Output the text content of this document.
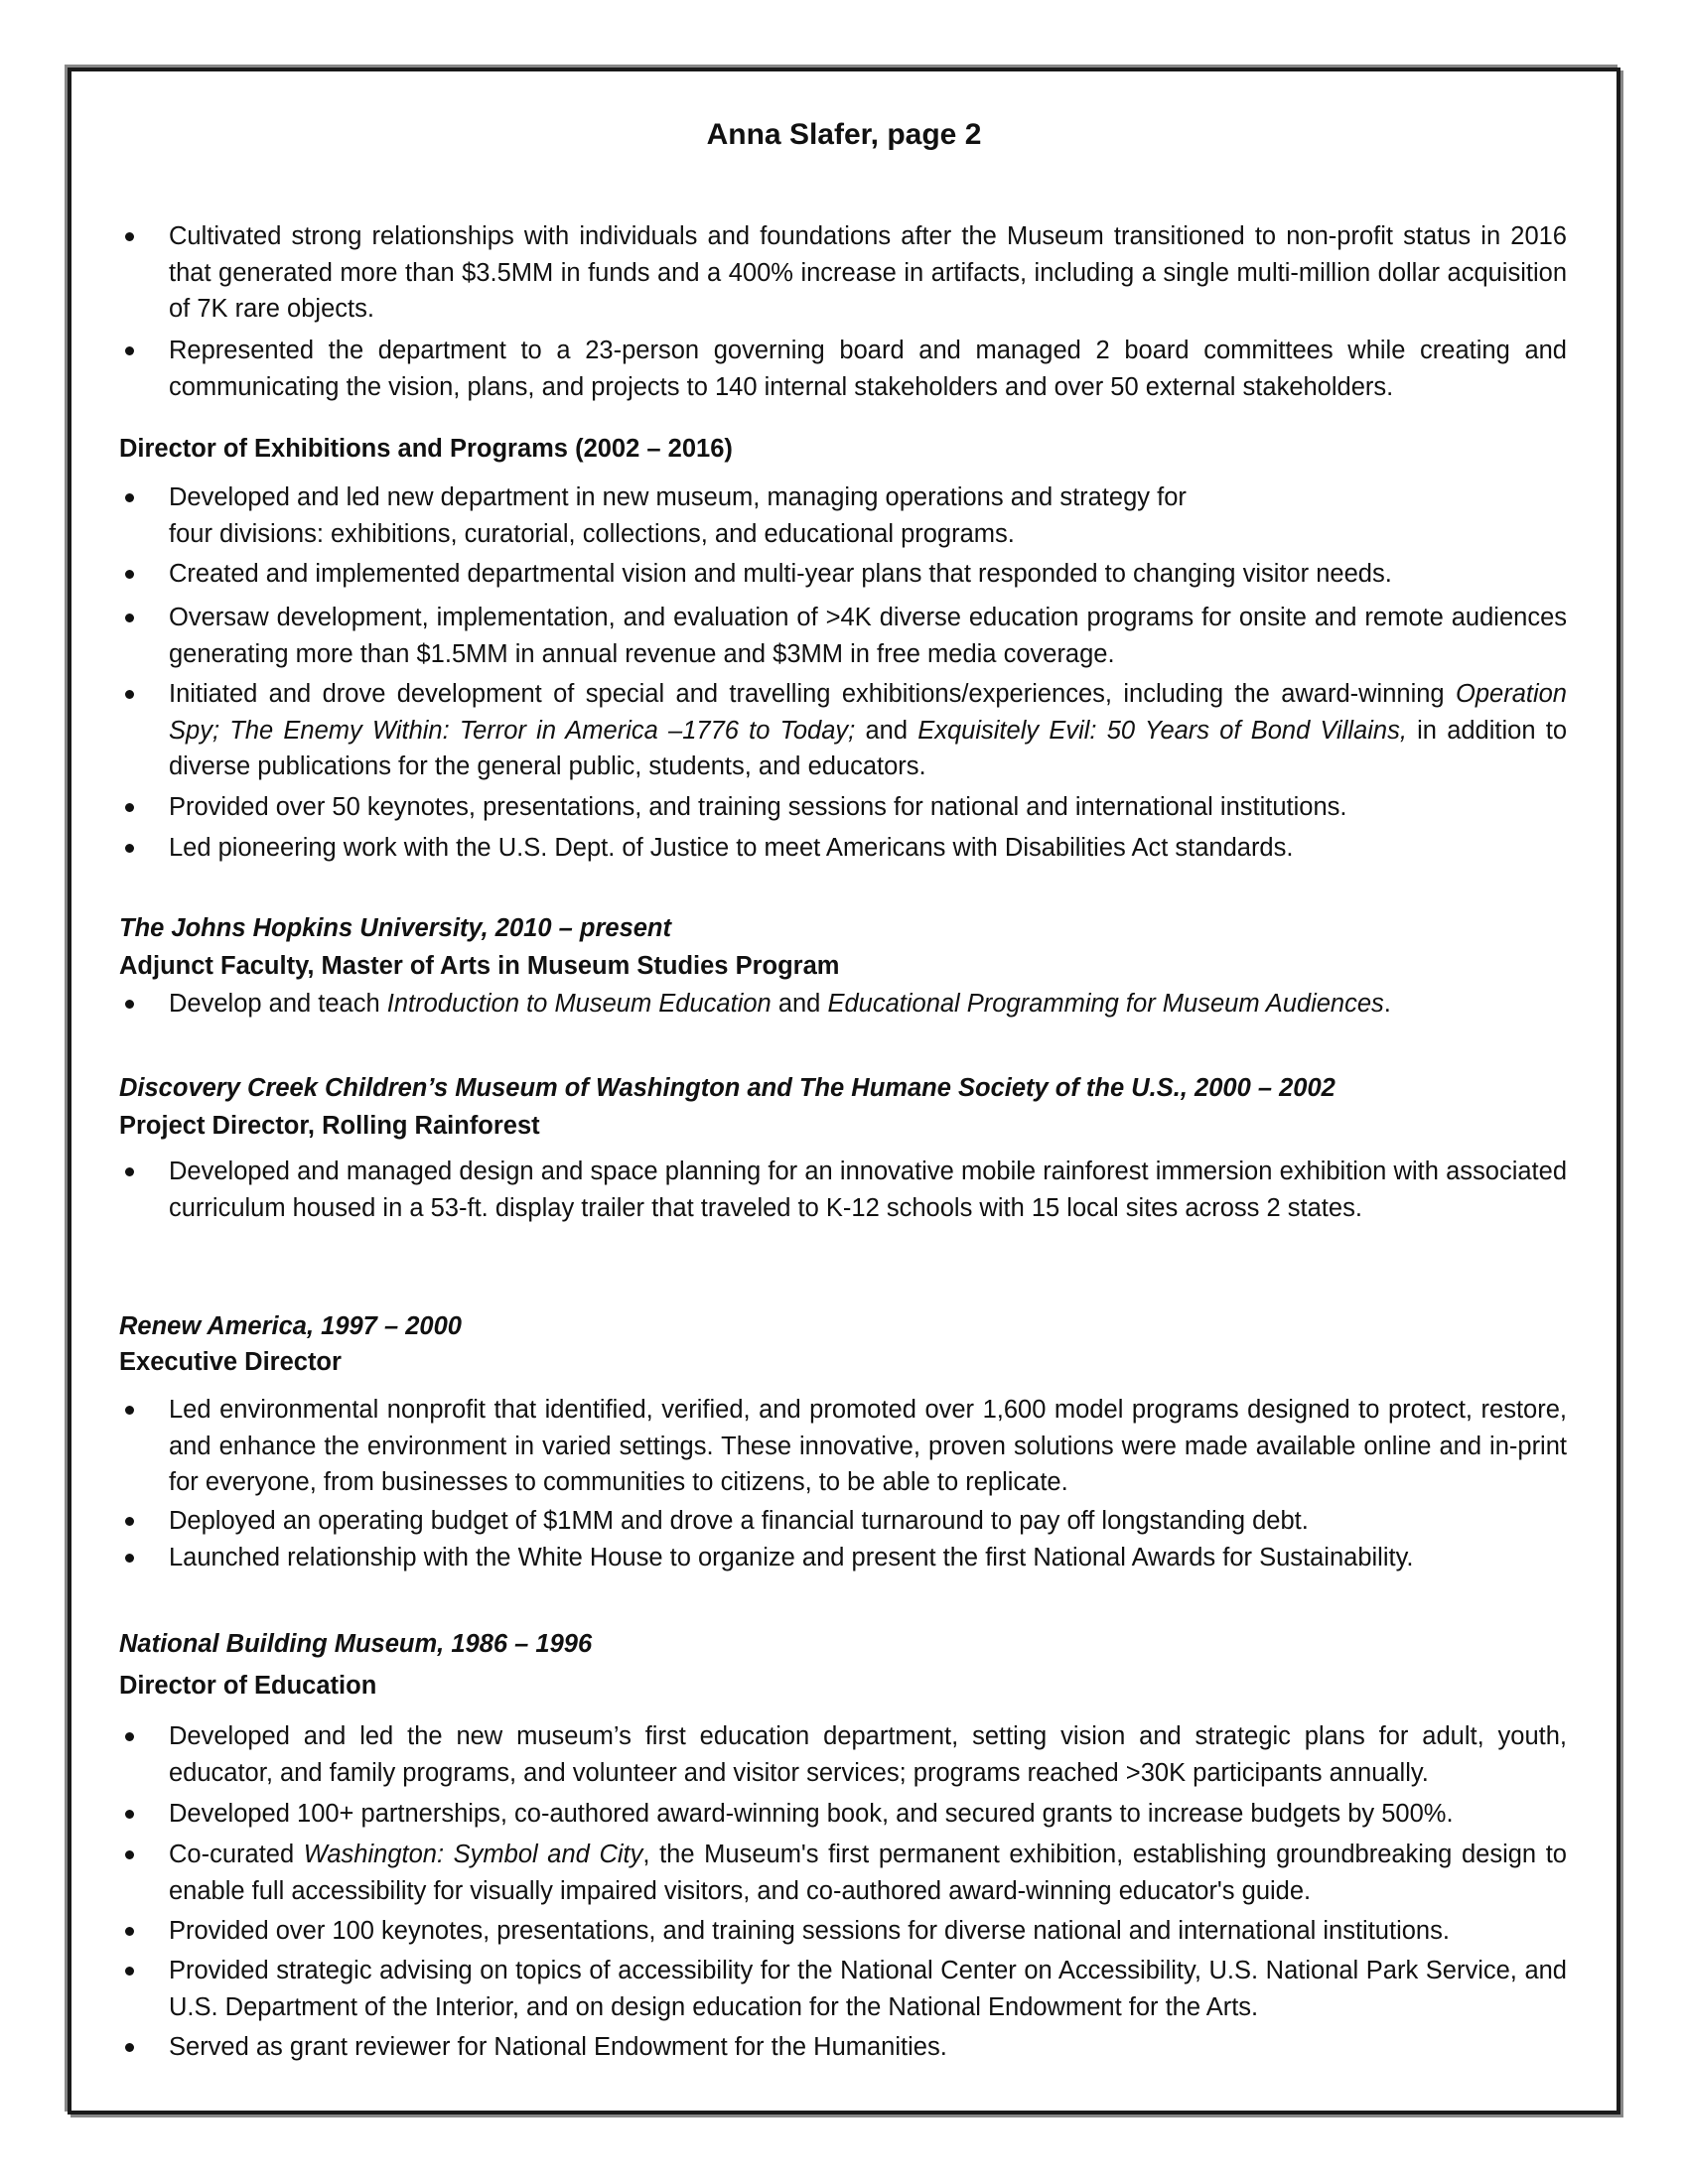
Anna Slafer, page 2
Cultivated strong relationships with individuals and foundations after the Museum transitioned to non-profit status in 2016 that generated more than $3.5MM in funds and a 400% increase in artifacts, including a single multi-million dollar acquisition of 7K rare objects.
Represented the department to a 23-person governing board and managed 2 board committees while creating and communicating the vision, plans, and projects to 140 internal stakeholders and over 50 external stakeholders.
Director of Exhibitions and Programs (2002 – 2016)
Developed and led new department in new museum, managing operations and strategy for
four divisions: exhibitions, curatorial, collections, and educational programs.
Created and implemented departmental vision and multi-year plans that responded to changing visitor needs.
Oversaw development, implementation, and evaluation of >4K diverse education programs for onsite and remote audiences generating more than $1.5MM in annual revenue and $3MM in free media coverage.
Initiated and drove development of special and travelling exhibitions/experiences, including the award-winning Operation Spy; The Enemy Within: Terror in America –1776 to Today; and Exquisitely Evil: 50 Years of Bond Villains, in addition to diverse publications for the general public, students, and educators.
Provided over 50 keynotes, presentations, and training sessions for national and international institutions.
Led pioneering work with the U.S. Dept. of Justice to meet Americans with Disabilities Act standards.
The Johns Hopkins University, 2010 – present
Adjunct Faculty, Master of Arts in Museum Studies Program
Develop and teach Introduction to Museum Education and Educational Programming for Museum Audiences.
Discovery Creek Children’s Museum of Washington and The Humane Society of the U.S., 2000 – 2002
Project Director, Rolling Rainforest
Developed and managed design and space planning for an innovative mobile rainforest immersion exhibition with associated curriculum housed in a 53-ft. display trailer that traveled to K-12 schools with 15 local sites across 2 states.
Renew America, 1997 – 2000
Executive Director
Led environmental nonprofit that identified, verified, and promoted over 1,600 model programs designed to protect, restore, and enhance the environment in varied settings. These innovative, proven solutions were made available online and in-print for everyone, from businesses to communities to citizens, to be able to replicate.
Deployed an operating budget of $1MM and drove a financial turnaround to pay off longstanding debt.
Launched relationship with the White House to organize and present the first National Awards for Sustainability.
National Building Museum, 1986 – 1996
Director of Education
Developed and led the new museum’s first education department, setting vision and strategic plans for adult, youth, educator, and family programs, and volunteer and visitor services; programs reached >30K participants annually.
Developed 100+ partnerships, co-authored award-winning book, and secured grants to increase budgets by 500%.
Co-curated Washington: Symbol and City, the Museum's first permanent exhibition, establishing groundbreaking design to enable full accessibility for visually impaired visitors, and co-authored award-winning educator's guide.
Provided over 100 keynotes, presentations, and training sessions for diverse national and international institutions.
Provided strategic advising on topics of accessibility for the National Center on Accessibility, U.S. National Park Service, and U.S. Department of the Interior, and on design education for the National Endowment for the Arts.
Served as grant reviewer for National Endowment for the Humanities.
